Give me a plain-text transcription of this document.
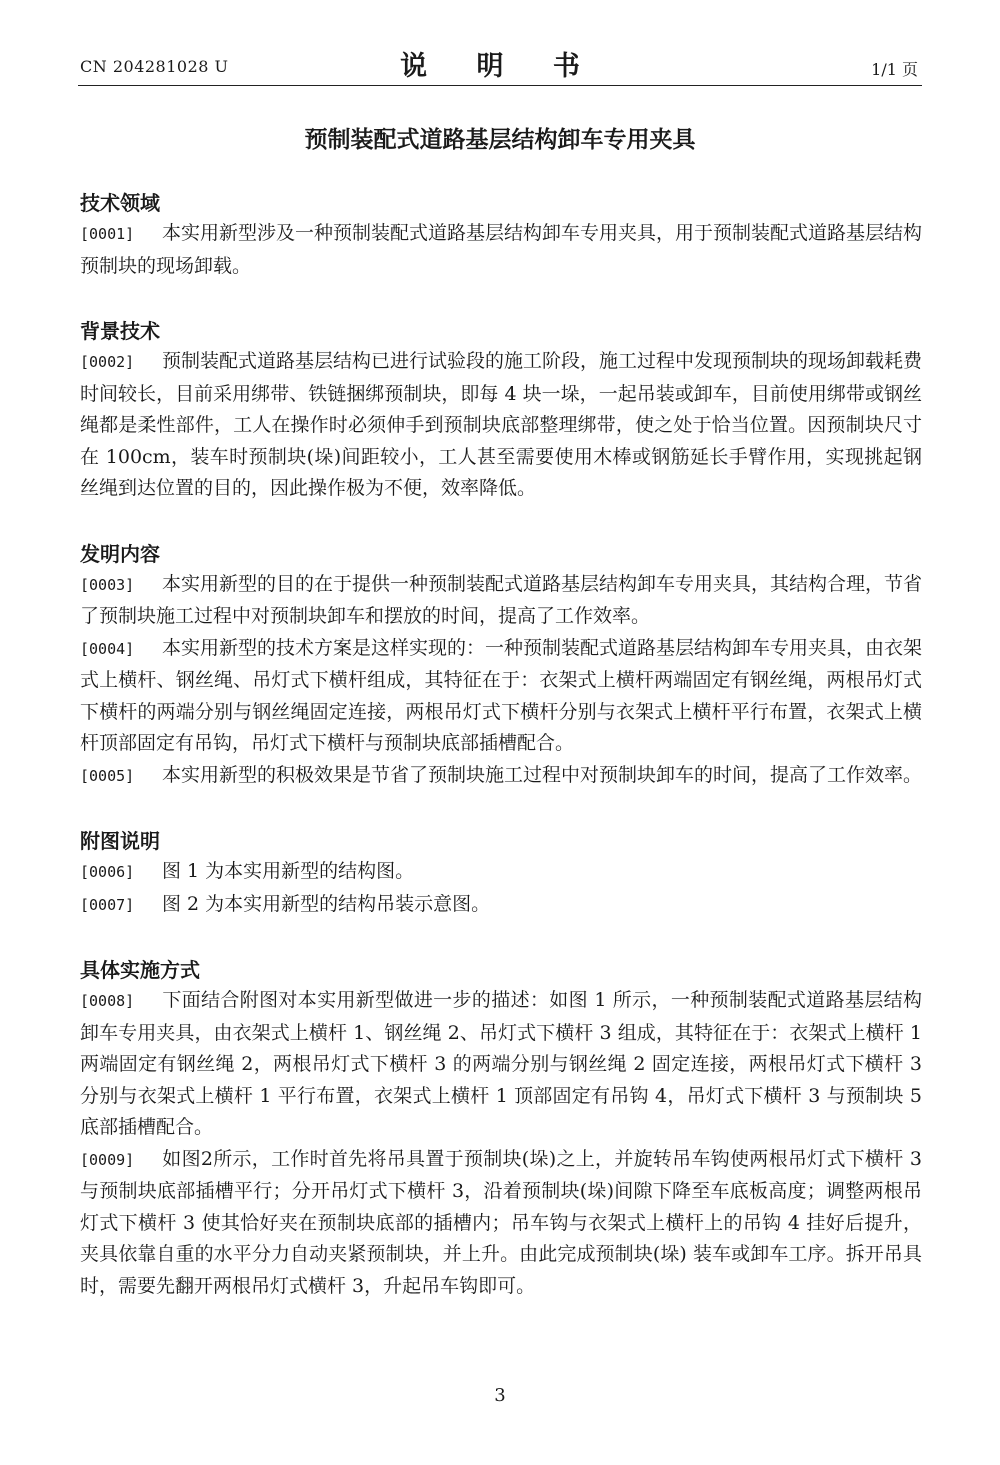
CN 204281028 U	说 明 书	1/1 页
预制装配式道路基层结构卸车专用夹具
技术领域

[0001] 本实用新型涉及一种预制装配式道路基层结构卸车专用夹具，用于预制装配式道路基层结构预制块的现场卸载。

背景技术

[0002] 预制装配式道路基层结构已进行试验段的施工阶段，施工过程中发现预制块的现场卸载耗费时间较长，目前采用绑带、铁链捆绑预制块，即每 4 块一垛，一起吊装或卸车，目前使用绑带或钢丝绳都是柔性部件，工人在操作时必须伸手到预制块底部整理绑带，使之处于恰当位置。因预制块尺寸在 100cm，装车时预制块(垛)间距较小，工人甚至需要使用木棒或钢筋延长手臂作用，实现挑起钢丝绳到达位置的目的，因此操作极为不便，效率降低。

发明内容

[0003] 本实用新型的目的在于提供一种预制装配式道路基层结构卸车专用夹具，其结构合理，节省了预制块施工过程中对预制块卸车和摆放的时间，提高了工作效率。

[0004] 本实用新型的技术方案是这样实现的：一种预制装配式道路基层结构卸车专用夹具，由衣架式上横杆、钢丝绳、吊灯式下横杆组成，其特征在于：衣架式上横杆两端固定有钢丝绳，两根吊灯式下横杆的两端分别与钢丝绳固定连接，两根吊灯式下横杆分别与衣架式上横杆平行布置，衣架式上横杆顶部固定有吊钩，吊灯式下横杆与预制块底部插槽配合。

[0005] 本实用新型的积极效果是节省了预制块施工过程中对预制块卸车的时间，提高了工作效率。

附图说明

[0006] 图 1 为本实用新型的结构图。

[0007] 图 2 为本实用新型的结构吊装示意图。

具体实施方式

[0008] 下面结合附图对本实用新型做进一步的描述：如图 1 所示，一种预制装配式道路基层结构卸车专用夹具，由衣架式上横杆 1、钢丝绳 2、吊灯式下横杆 3 组成，其特征在于：衣架式上横杆 1 两端固定有钢丝绳 2，两根吊灯式下横杆 3 的两端分别与钢丝绳 2 固定连接，两根吊灯式下横杆 3 分别与衣架式上横杆 1 平行布置，衣架式上横杆 1 顶部固定有吊钩 4，吊灯式下横杆 3 与预制块 5 底部插槽配合。

[0009] 如图2所示，工作时首先将吊具置于预制块(垛)之上，并旋转吊车钩使两根吊灯式下横杆 3 与预制块底部插槽平行；分开吊灯式下横杆 3，沿着预制块(垛)间隙下降至车底板高度；调整两根吊灯式下横杆 3 使其恰好夹在预制块底部的插槽内；吊车钩与衣架式上横杆上的吊钩 4 挂好后提升，夹具依靠自重的水平分力自动夹紧预制块，并上升。由此完成预制块(垛) 装车或卸车工序。拆开吊具时，需要先翻开两根吊灯式横杆 3，升起吊车钩即可。

3
